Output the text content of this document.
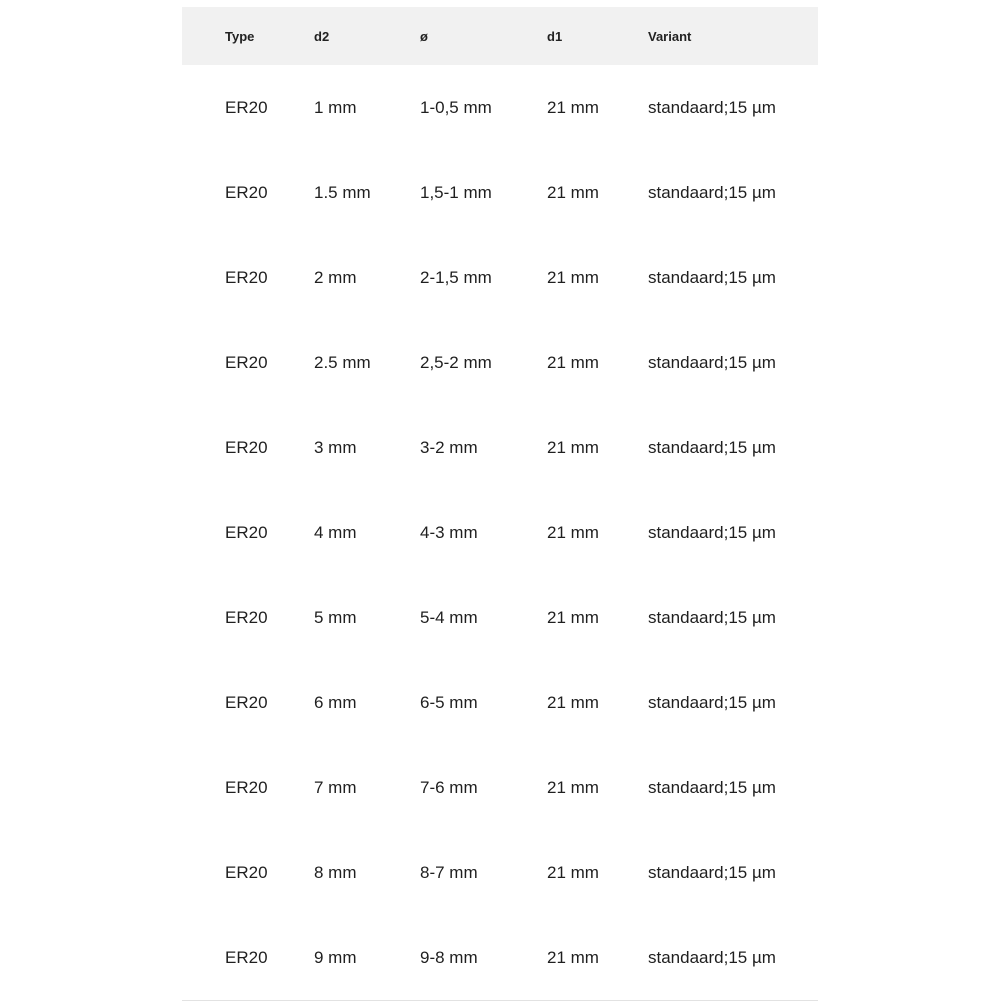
Type	d2	ø	d1	Variant
ER20	1 mm	1-0,5 mm	21 mm	standaard;15 µm
ER20	1.5 mm	1,5-1 mm	21 mm	standaard;15 µm
ER20	2 mm	2-1,5 mm	21 mm	standaard;15 µm
ER20	2.5 mm	2,5-2 mm	21 mm	standaard;15 µm
ER20	3 mm	3-2 mm	21 mm	standaard;15 µm
ER20	4 mm	4-3 mm	21 mm	standaard;15 µm
ER20	5 mm	5-4 mm	21 mm	standaard;15 µm
ER20	6 mm	6-5 mm	21 mm	standaard;15 µm
ER20	7 mm	7-6 mm	21 mm	standaard;15 µm
ER20	8 mm	8-7 mm	21 mm	standaard;15 µm
ER20	9 mm	9-8 mm	21 mm	standaard;15 µm
